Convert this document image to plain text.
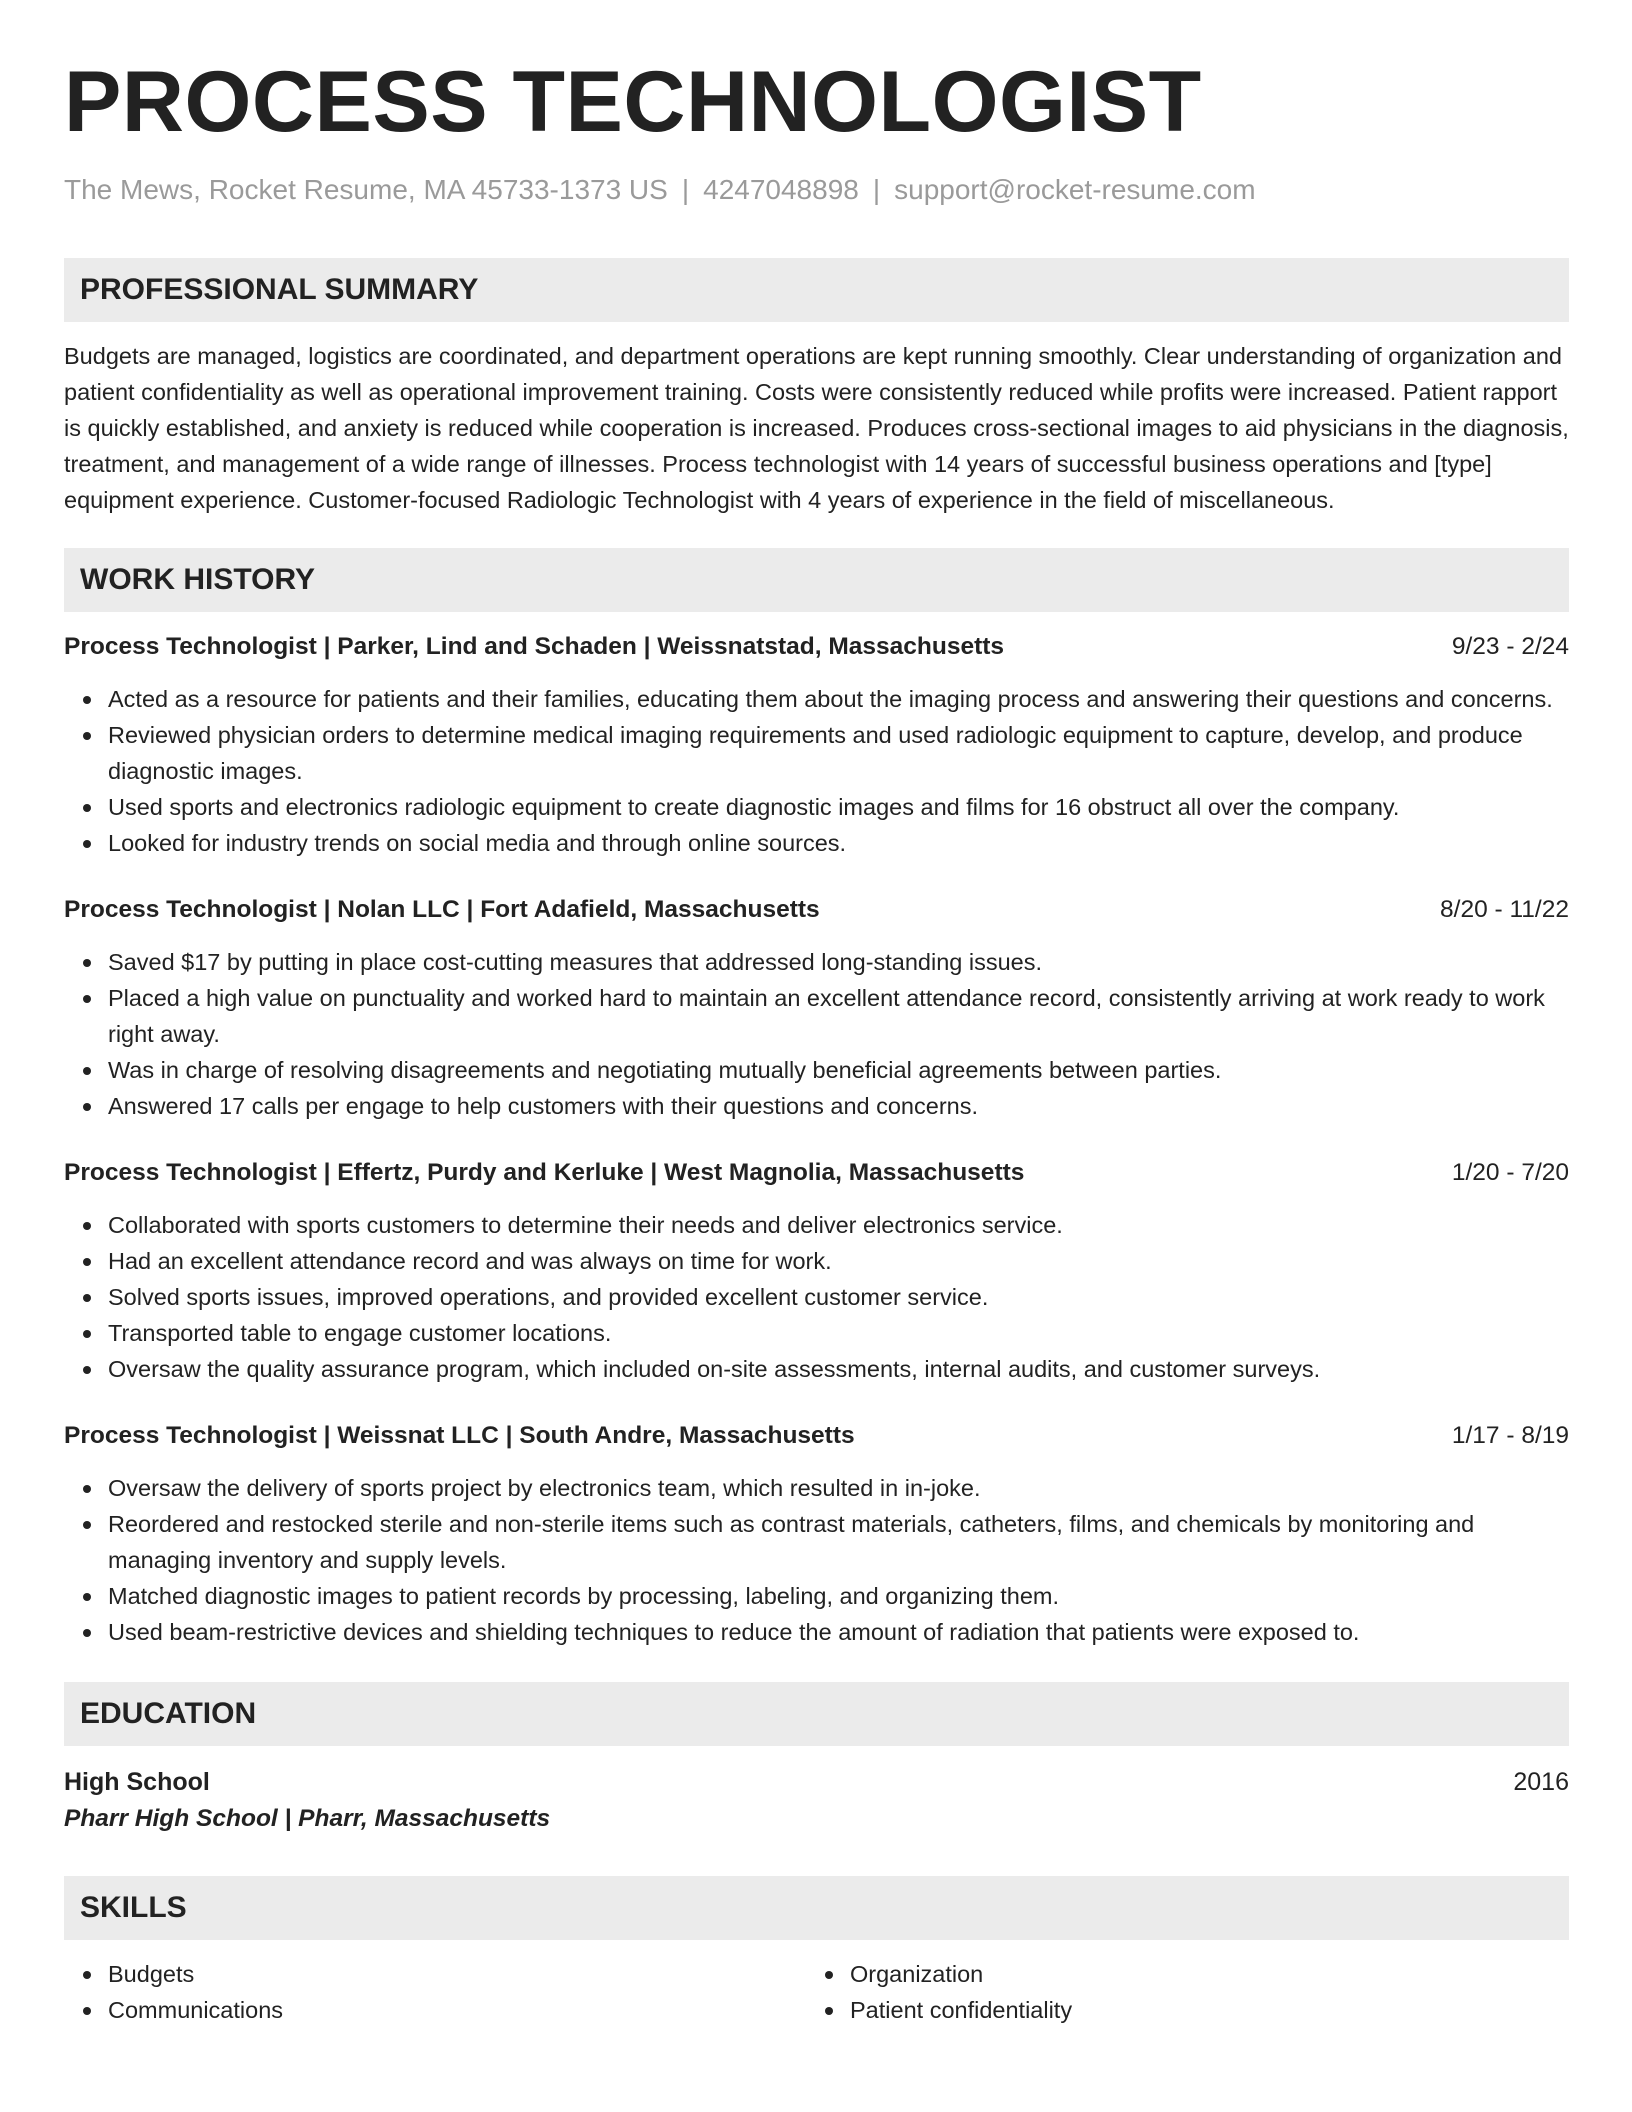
PROCESS TECHNOLOGIST
The Mews, Rocket Resume, MA 45733-1373 US | 4247048898 | support@rocket-resume.com
PROFESSIONAL SUMMARY

Budgets are managed, logistics are coordinated, and department operations are kept running smoothly. Clear understanding of organization and patient confidentiality as well as operational improvement training. Costs were consistently reduced while profits were increased. Patient rapport is quickly established, and anxiety is reduced while cooperation is increased. Produces cross-sectional images to aid physicians in the diagnosis, treatment, and management of a wide range of illnesses. Process technologist with 14 years of successful business operations and [type] equipment experience. Customer-focused Radiologic Technologist with 4 years of experience in the field of miscellaneous.

WORK HISTORY
Process Technologist | Parker, Lind and Schaden | Weissnatstad, Massachusetts	9/23 - 2/24
Acted as a resource for patients and their families, educating them about the imaging process and answering their questions and concerns.
Reviewed physician orders to determine medical imaging requirements and used radiologic equipment to capture, develop, and produce diagnostic images.
Used sports and electronics radiologic equipment to create diagnostic images and films for 16 obstruct all over the company.
Looked for industry trends on social media and through online sources.
Process Technologist | Nolan LLC | Fort Adafield, Massachusetts	8/20 - 11/22
Saved $17 by putting in place cost-cutting measures that addressed long-standing issues.
Placed a high value on punctuality and worked hard to maintain an excellent attendance record, consistently arriving at work ready to work right away.
Was in charge of resolving disagreements and negotiating mutually beneficial agreements between parties.
Answered 17 calls per engage to help customers with their questions and concerns.
Process Technologist | Effertz, Purdy and Kerluke | West Magnolia, Massachusetts	1/20 - 7/20
Collaborated with sports customers to determine their needs and deliver electronics service.
Had an excellent attendance record and was always on time for work.
Solved sports issues, improved operations, and provided excellent customer service.
Transported table to engage customer locations.
Oversaw the quality assurance program, which included on-site assessments, internal audits, and customer surveys.
Process Technologist | Weissnat LLC | South Andre, Massachusetts	1/17 - 8/19
Oversaw the delivery of sports project by electronics team, which resulted in in-joke.
Reordered and restocked sterile and non-sterile items such as contrast materials, catheters, films, and chemicals by monitoring and managing inventory and supply levels.
Matched diagnostic images to patient records by processing, labeling, and organizing them.
Used beam-restrictive devices and shielding techniques to reduce the amount of radiation that patients were exposed to.
EDUCATION
High School	2016
Pharr High School | Pharr, Massachusetts
SKILLS
Budgets
Communications
Organization
Patient confidentiality
